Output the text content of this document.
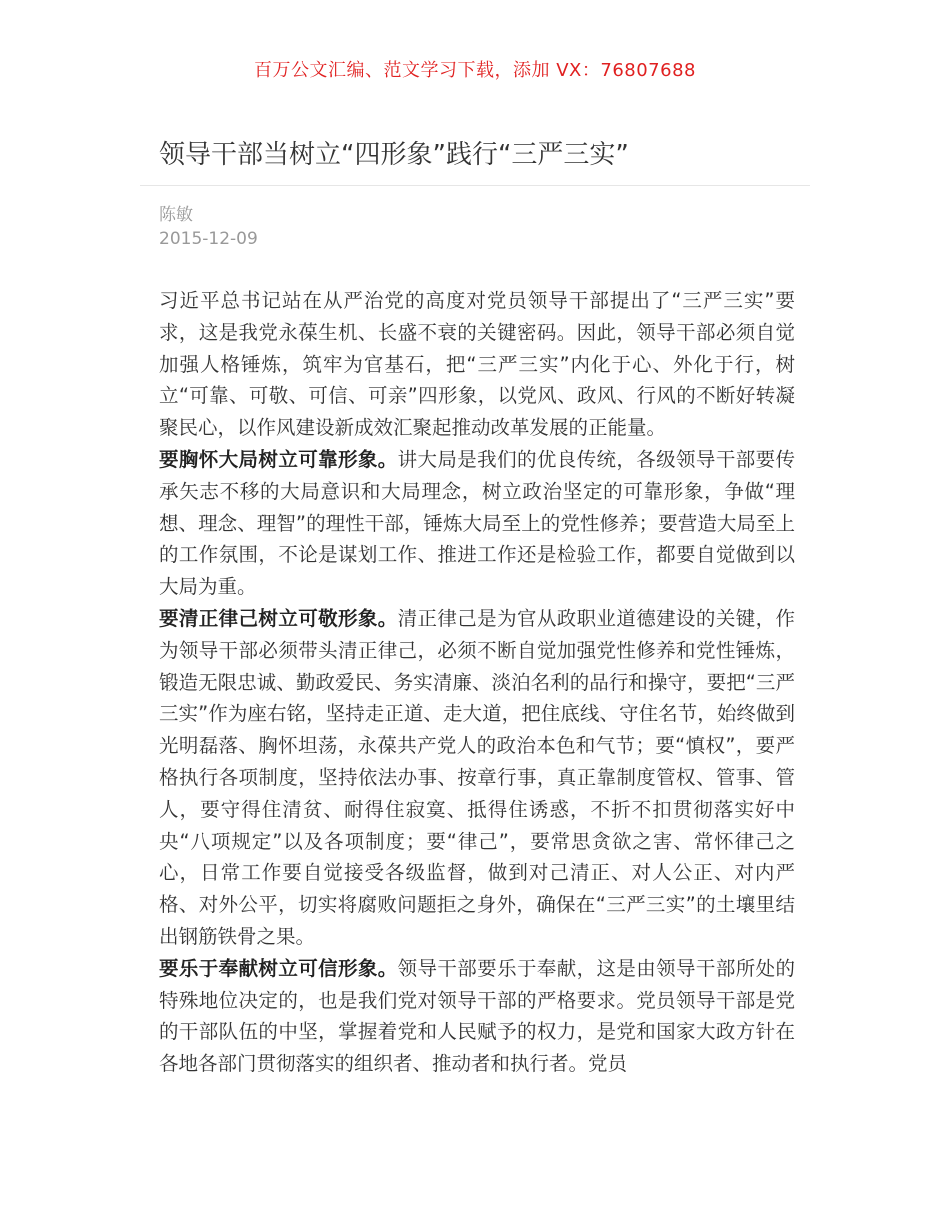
百万公文汇编、范文学习下载，添加 VX：76807688
领导干部当树立“四形象”践行“三严三实”
陈敏
2015-12-09

习近平总书记站在从严治党的高度对党员领导干部提出了“三严三实”要求，这是我党永葆生机、长盛不衰的关键密码。因此，领导干部必须自觉加强人格锤炼，筑牢为官基石，把“三严三实”内化于心、外化于行，树立“可靠、可敬、可信、可亲”四形象，以党风、政风、行风的不断好转凝聚民心，以作风建设新成效汇聚起推动改革发展的正能量。

要胸怀大局树立可靠形象。讲大局是我们的优良传统，各级领导干部要传承矢志不移的大局意识和大局理念，树立政治坚定的可靠形象，争做“理想、理念、理智”的理性干部，锤炼大局至上的党性修养；要营造大局至上的工作氛围，不论是谋划工作、推进工作还是检验工作，都要自觉做到以大局为重。

要清正律己树立可敬形象。清正律己是为官从政职业道德建设的关键，作为领导干部必须带头清正律己，必须不断自觉加强党性修养和党性锤炼，锻造无限忠诚、勤政爱民、务实清廉、淡泊名利的品行和操守，要把“三严三实”作为座右铭，坚持走正道、走大道，把住底线、守住名节，始终做到光明磊落、胸怀坦荡，永葆共产党人的政治本色和气节；要“慎权”，要严格执行各项制度，坚持依法办事、按章行事，真正靠制度管权、管事、管人，要守得住清贫、耐得住寂寞、抵得住诱惑，不折不扣贯彻落实好中央“八项规定”以及各项制度；要“律己”，要常思贪欲之害、常怀律己之心，日常工作要自觉接受各级监督，做到对己清正、对人公正、对内严格、对外公平，切实将腐败问题拒之身外，确保在“三严三实”的土壤里结出钢筋铁骨之果。

要乐于奉献树立可信形象。领导干部要乐于奉献，这是由领导干部所处的特殊地位决定的，也是我们党对领导干部的严格要求。党员领导干部是党的干部队伍的中坚，掌握着党和人民赋予的权力，是党和国家大政方针在各地各部门贯彻落实的组织者、推动者和执行者。党员
